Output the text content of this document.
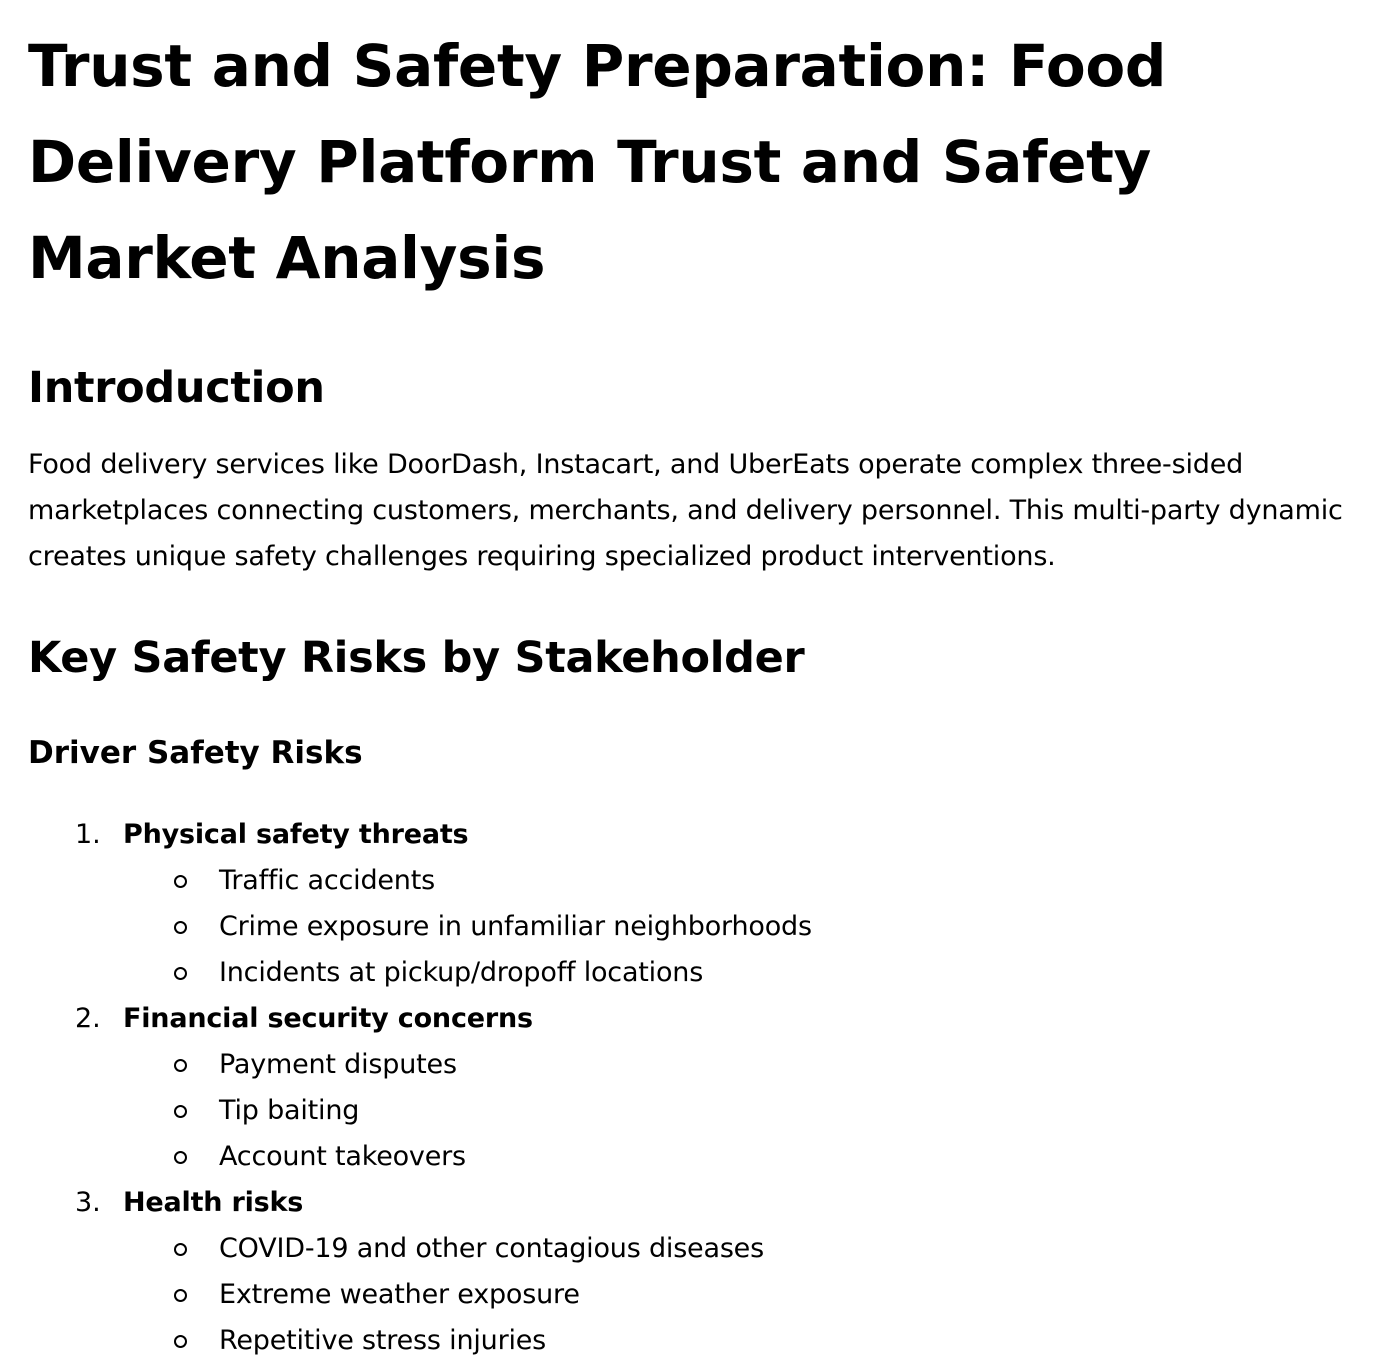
Trust and Safety Preparation: Food Delivery Platform Trust and Safety Market Analysis
Introduction

Food delivery services like DoorDash, Instacart, and UberEats operate complex three-sided marketplaces connecting customers, merchants, and delivery personnel. This multi-party dynamic creates unique safety challenges requiring specialized product interventions.

Key Safety Risks by Stakeholder
Driver Safety Risks
1. Physical safety threats
Traffic accidents
Crime exposure in unfamiliar neighborhoods
Incidents at pickup/dropoff locations
2. Financial security concerns
Payment disputes
Tip baiting
Account takeovers
3. Health risks
COVID-19 and other contagious diseases
Extreme weather exposure
Repetitive stress injuries
